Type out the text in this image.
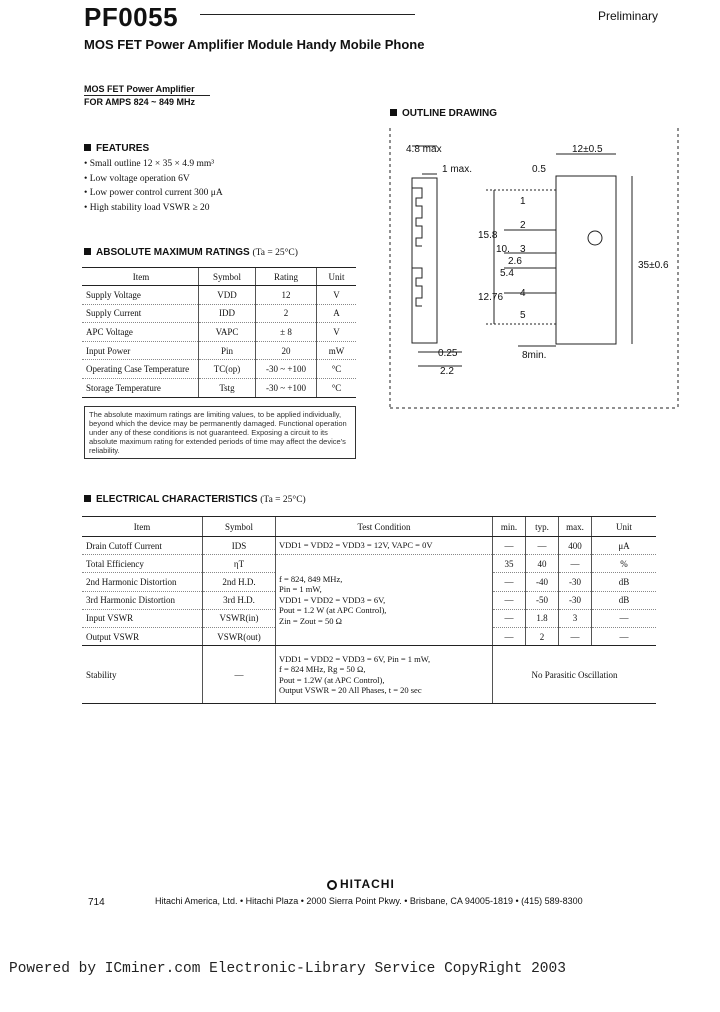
PF0055	Preliminary
MOS FET Power Amplifier Module Handy Mobile Phone
MOS FET Power Amplifier
FOR AMPS 824 ~ 849 MHz
FEATURES
• Small outline 12 × 35 × 4.9 mm³
• Low voltage operation 6V
• Low power control current 300 μA
• High stability load VSWR ≥ 20
ABSOLUTE MAXIMUM RATINGS (Ta = 25°C)
Item	Symbol	Rating	Unit
Supply Voltage	VDD	12	V
Supply Current	IDD	2	A
APC Voltage	VAPC	± 8	V
Input Power	Pin	20	mW
Operating Case Temperature	TC(op)	-30 ~ +100	°C
Storage Temperature	Tstg	-30 ~ +100	°C
The absolute maximum ratings are limiting values, to be applied individually, beyond which the device may be permanently damaged. Functional operation under any of these conditions is not guaranteed. Exposing a circuit to its absolute maximum rating for extended periods of time may affect the device's reliability.
OUTLINE DRAWING
4.8 max
1 max.
12±0.5
0.5
15.8
10.
2.6
5.4
12.76
35±0.6
0.25
2.2
8min.
1
2
3
4
5
ELECTRICAL CHARACTERISTICS (Ta = 25°C)
Item	Symbol	Test Condition	min.	typ.	max.	Unit
Drain Cutoff Current	IDS	VDD1 = VDD2 = VDD3 = 12V, VAPC = 0V	—	—	400	μA
Total Efficiency	ηT	f = 824, 849 MHz,
Pin = 1 mW,
VDD1 = VDD2 = VDD3 = 6V,
Pout = 1.2 W (at APC Control),
Zin = Zout = 50 Ω	35	40	—	%
2nd Harmonic Distortion	2nd H.D.		—	-40	-30	dB
3rd Harmonic Distortion	3rd H.D.		—	-50	-30	dB
Input VSWR	VSWR(in)		—	1.8	3	—
Output VSWR	VSWR(out)		—	2	—	—
Stability	—	VDD1 = VDD2 = VDD3 = 6V, Pin = 1 mW,
f = 824 MHz, Rg = 50 Ω,
Pout = 1.2W (at APC Control),
Output VSWR = 20 All Phases, t = 20 sec	No Parasitic Oscillation			
HITACHI
714	Hitachi America, Ltd. • Hitachi Plaza • 2000 Sierra Point Pkwy. • Brisbane, CA 94005-1819 • (415) 589-8300
Powered by ICminer.com Electronic-Library Service CopyRight 2003
